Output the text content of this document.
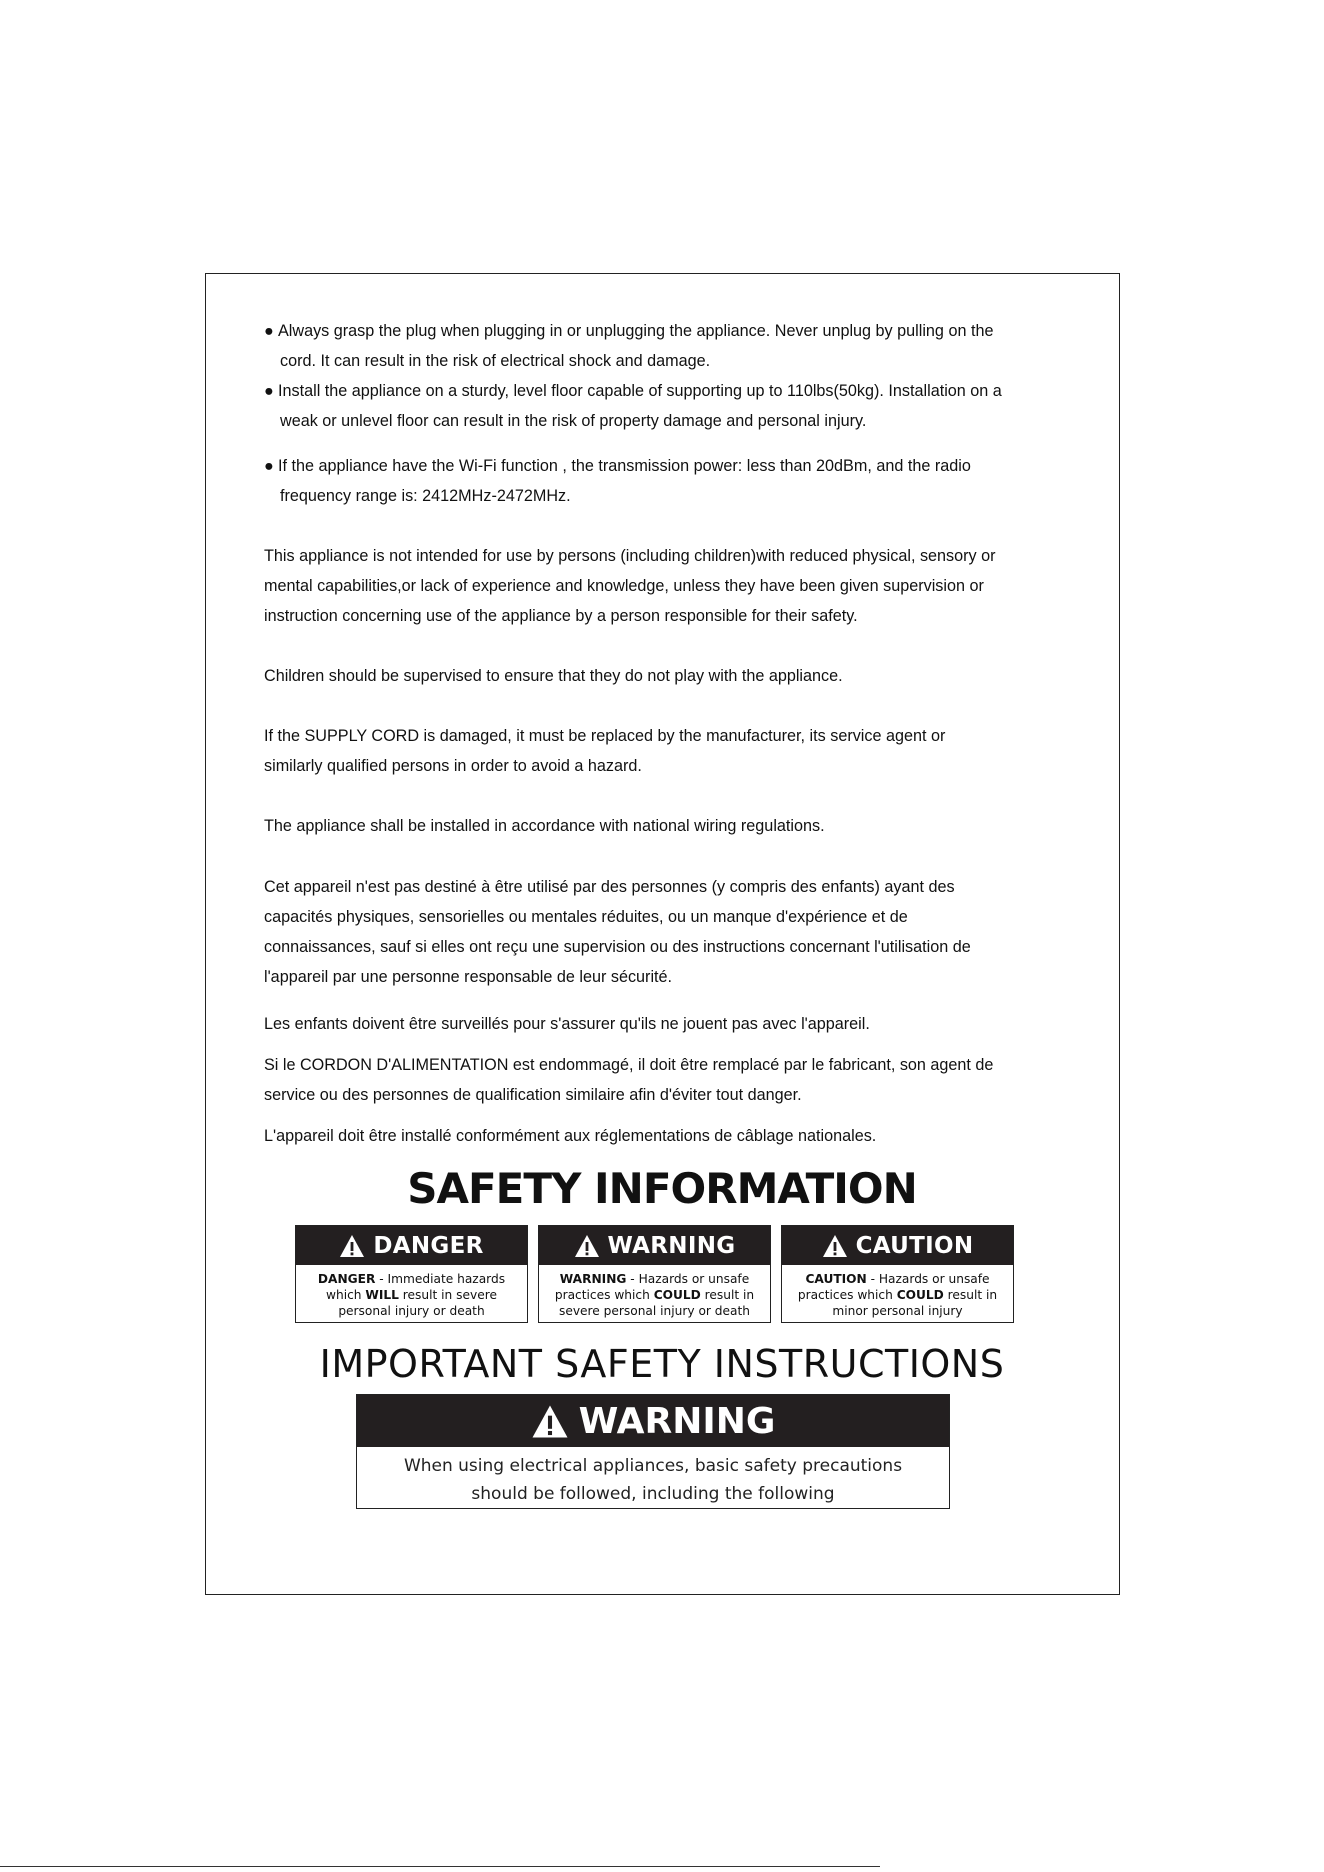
● Always grasp the plug when plugging in or unplugging the appliance. Never unplug by pulling on the
cord. It can result in the risk of electrical shock and damage.
● Install the appliance on a sturdy, level floor capable of supporting up to 110lbs(50kg). Installation on a
weak or unlevel floor can result in the risk of property damage and personal injury.
● If the appliance have the Wi-Fi function , the transmission power: less than 20dBm, and the radio
frequency range is: 2412MHz-2472MHz.

This appliance is not intended for use by persons (including children)with reduced physical, sensory or

mental capabilities,or lack of experience and knowledge, unless they have been given supervision or

instruction concerning use of the appliance by a person responsible for their safety.

Children should be supervised to ensure that they do not play with the appliance.

If the SUPPLY CORD is damaged, it must be replaced by the manufacturer, its service agent or

similarly qualified persons in order to avoid a hazard.

The appliance shall be installed in accordance with national wiring regulations.

Cet appareil n'est pas destiné à être utilisé par des personnes (y compris des enfants) ayant des

capacités physiques, sensorielles ou mentales réduites, ou un manque d'expérience et de

connaissances, sauf si elles ont reçu une supervision ou des instructions concernant l'utilisation de

l'appareil par une personne responsable de leur sécurité.

Les enfants doivent être surveillés pour s'assurer qu'ils ne jouent pas avec l'appareil.

Si le CORDON D'ALIMENTATION est endommagé, il doit être remplacé par le fabricant, son agent de

service ou des personnes de qualification similaire afin d'éviter tout danger.

L'appareil doit être installé conformément aux réglementations de câblage nationales.

SAFETY INFORMATION
DANGER
DANGER - Immediate hazards
which WILL result in severe
personal injury or death
WARNING
WARNING - Hazards or unsafe
practices which COULD result in
severe personal injury or death
CAUTION
CAUTION - Hazards or unsafe
practices which COULD result in
minor personal injury
IMPORTANT SAFETY INSTRUCTIONS
WARNING
When using electrical appliances, basic safety precautions
should be followed, including the following
